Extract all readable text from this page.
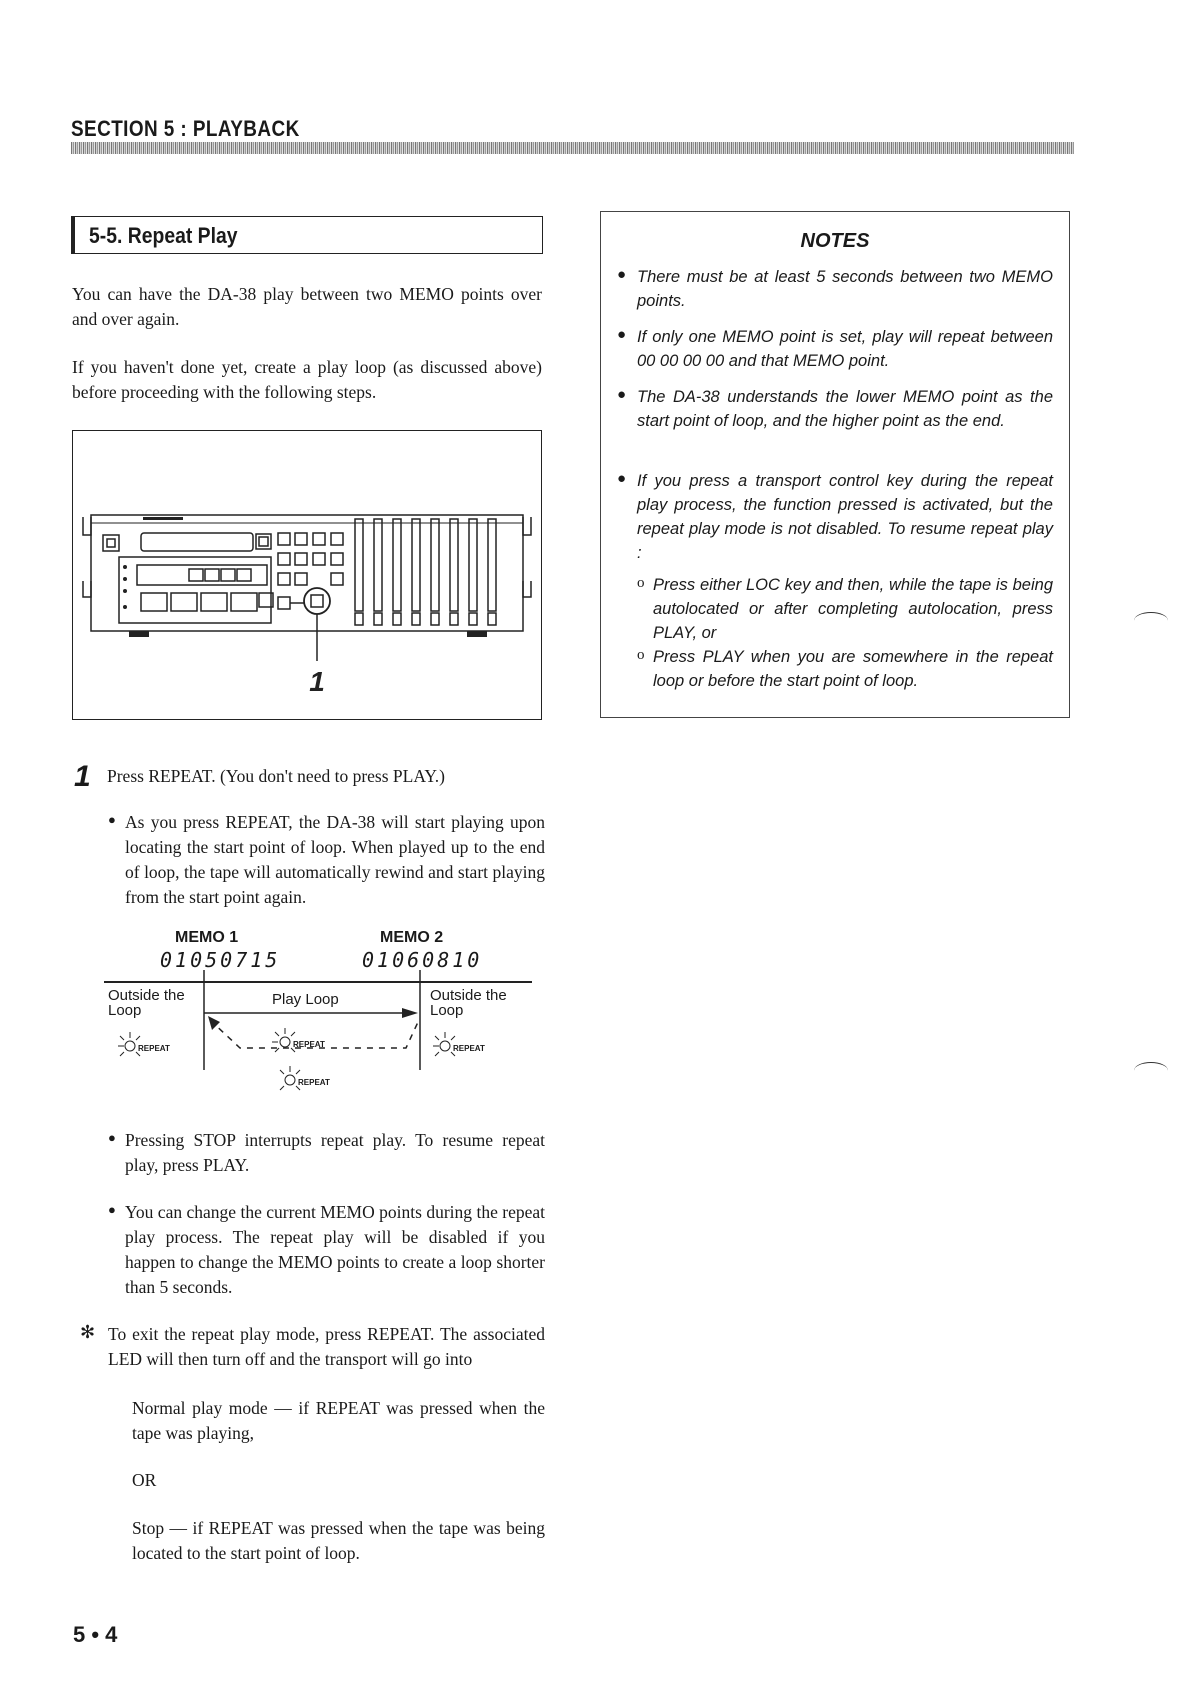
SECTION 5 : PLAYBACK
5-5. Repeat Play
You can have the DA-38 play between two MEMO points over and over again.
If you haven't done yet, create a play loop (as discussed above) before proceeding with the following steps.
1
NOTES
● There must be at least 5 seconds between two MEMO points.
● If only one MEMO point is set, play will repeat between 00 00 00 00 and that MEMO point.
● The DA-38 understands the lower MEMO point as the start point of loop, and the higher point as the end.
● If you press a transport control key during the repeat play process, the function pressed is activated, but the repeat play mode is not disabled. To resume repeat play :
o Press either LOC key and then, while the tape is being autolocated or after completing autolocation, press PLAY, or
o Press PLAY when you are somewhere in the repeat loop or before the start point of loop.
1 Press REPEAT. (You don't need to press PLAY.)
● As you press REPEAT, the DA-38 will start playing upon locating the start point of loop. When played up to the end of loop, the tape will automatically rewind and start playing from the start point again.
MEMO 1
01050715
MEMO 2
01060810
Outside the
Loop
Play Loop	Outside the
Loop
REPEAT	REPEAT
REPEAT
REPEAT
● Pressing STOP interrupts repeat play. To resume repeat play, press PLAY.
● You can change the current MEMO points during the repeat play process. The repeat play will be disabled if you happen to change the MEMO points to create a loop shorter than 5 seconds.
✻ To exit the repeat play mode, press REPEAT. The associated LED will then turn off and the transport will go into
Normal play mode — if REPEAT was pressed when the tape was playing,
OR
Stop — if REPEAT was pressed when the tape was being located to the start point of loop.
5 • 4
